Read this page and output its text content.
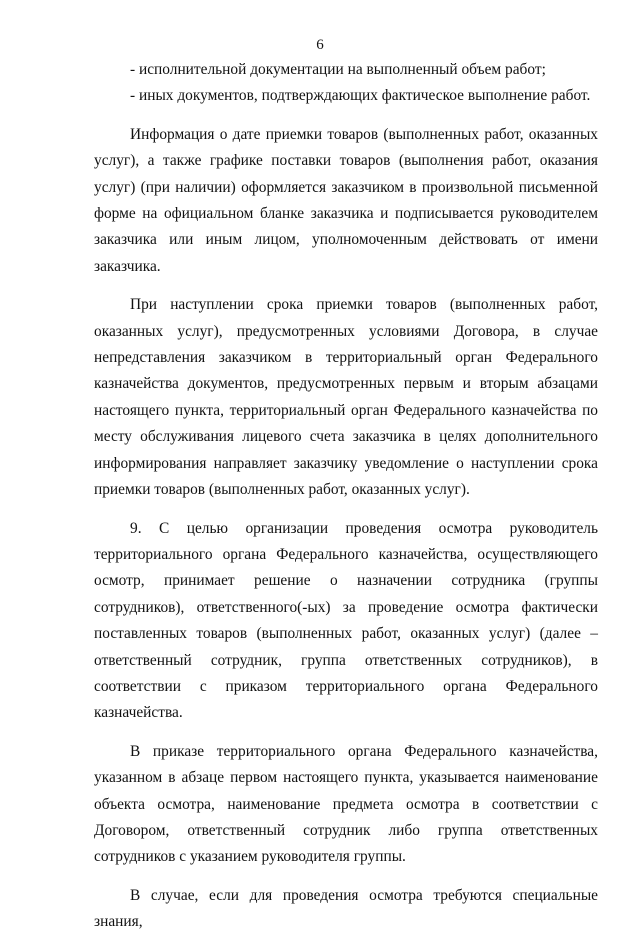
6

- исполнительной документации на выполненный объем работ;

- иных документов, подтверждающих фактическое выполнение работ.

Информация о дате приемки товаров (выполненных работ, оказанных услуг), а также графике поставки товаров (выполнения работ, оказания услуг) (при наличии) оформляется заказчиком в произвольной письменной форме на официальном бланке заказчика и подписывается руководителем заказчика или иным лицом, уполномоченным действовать от имени заказчика.

При наступлении срока приемки товаров (выполненных работ, оказанных услуг), предусмотренных условиями Договора, в случае непредставления заказчиком в территориальный орган Федерального казначейства документов, предусмотренных первым и вторым абзацами настоящего пункта, территориальный орган Федерального казначейства по месту обслуживания лицевого счета заказчика в целях дополнительного информирования направляет заказчику уведомление о наступлении срока приемки товаров (выполненных работ, оказанных услуг).

9. С целью организации проведения осмотра руководитель территориального органа Федерального казначейства, осуществляющего осмотр, принимает решение о назначении сотрудника (группы сотрудников), ответственного(-ых) за проведение осмотра фактически поставленных товаров (выполненных работ, оказанных услуг) (далее – ответственный сотрудник, группа ответственных сотрудников), в соответствии с приказом территориального органа Федерального казначейства.

В приказе территориального органа Федерального казначейства, указанном в абзаце первом настоящего пункта, указывается наименование объекта осмотра, наименование предмета осмотра в соответствии с Договором, ответственный сотрудник либо группа ответственных сотрудников с указанием руководителя группы.

В случае, если для проведения осмотра требуются специальные знания,
